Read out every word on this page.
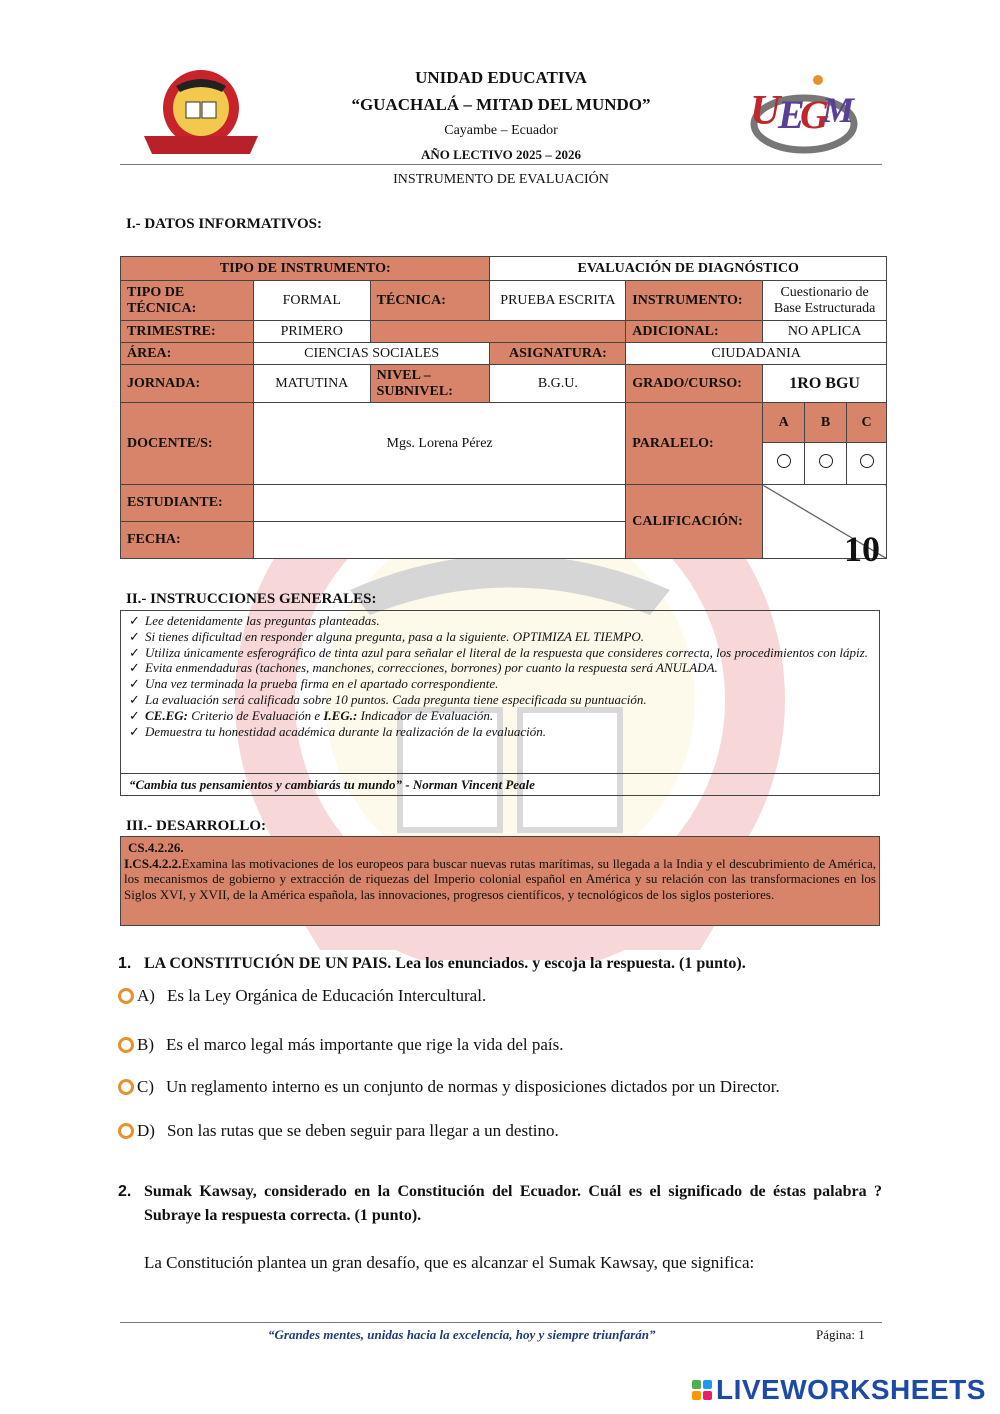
U
E
G
M
UNIDAD EDUCATIVA
“GUACHALÁ – MITAD DEL MUNDO”
Cayambe – Ecuador
AÑO LECTIVO 2025 – 2026
INSTRUMENTO DE EVALUACIÓN
I.- DATOS INFORMATIVOS:
TIPO DE INSTRUMENTO:			EVALUACIÓN DE DIAGNÓSTICO				
TIPO DE TÉCNICA:	FORMAL	TÉCNICA:	PRUEBA ESCRITA	INSTRUMENTO:	Cuestionario de Base Estructurada		
TRIMESTRE:	PRIMERO			ADICIONAL:	NO APLICA		
ÁREA:	CIENCIAS SOCIALES		ASIGNATURA:	CIUDADANIA			
JORNADA:	MATUTINA	NIVEL – SUBNIVEL:	B.G.U.	GRADO/CURSO:	1RO BGU		
DOCENTE/S:	Mgs. Lorena Pérez			PARALELO:	A	B	C

ESTUDIANTE:				CALIFICACIÓN:	10		
FECHA:							
II.- INSTRUCCIONES GENERALES:
✓ Lee detenidamente las preguntas planteadas.
✓ Si tienes dificultad en responder alguna pregunta, pasa a la siguiente. OPTIMIZA EL TIEMPO.
✓ Utiliza únicamente esferográfico de tinta azul para señalar el literal de la respuesta que consideres correcta, los procedimientos con lápiz.
✓ Evita enmendaduras (tachones, manchones, correcciones, borrones) por cuanto la respuesta será ANULADA.
✓ Una vez terminada la prueba firma en el apartado correspondiente.
✓ La evaluación será calificada sobre 10 puntos. Cada pregunta tiene especificada su puntuación.
✓ CE.EG: Criterio de Evaluación e I.EG.: Indicador de Evaluación.
✓ Demuestra tu honestidad académica durante la realización de la evaluación.
“Cambia tus pensamientos y cambiarás tu mundo” - Norman Vincent Peale
III.- DESARROLLO:
CS.4.2.26.
I.CS.4.2.2.Examina las motivaciones de los europeos para buscar nuevas rutas marítimas, su llegada a la India y el descubrimiento de América, los mecanismos de gobierno y extracción de riquezas del Imperio colonial español en América y su relación con las transformaciones en los Siglos XVI, y XVII, de la América española, las innovaciones, progresos científicos, y tecnológicos de los siglos posteriores.
1. LA CONSTITUCIÓN DE UN PAIS. Lea los enunciados. y escoja la respuesta. (1 punto).
A) Es la Ley Orgánica de Educación Intercultural.
B) Es el marco legal más importante que rige la vida del país.
C) Un reglamento interno es un conjunto de normas y disposiciones dictados por un Director.
D) Son las rutas que se deben seguir para llegar a un destino.
2. Sumak Kawsay, considerado en la Constitución del Ecuador. Cuál es el significado de éstas palabra ? Subraye la respuesta correcta. (1 punto).
La Constitución plantea un gran desafío, que es alcanzar el Sumak Kawsay, que significa:
“Grandes mentes, unidas hacia la excelencia, hoy y siempre triunfarán”	Página: 1
LIVEWORKSHEETS
